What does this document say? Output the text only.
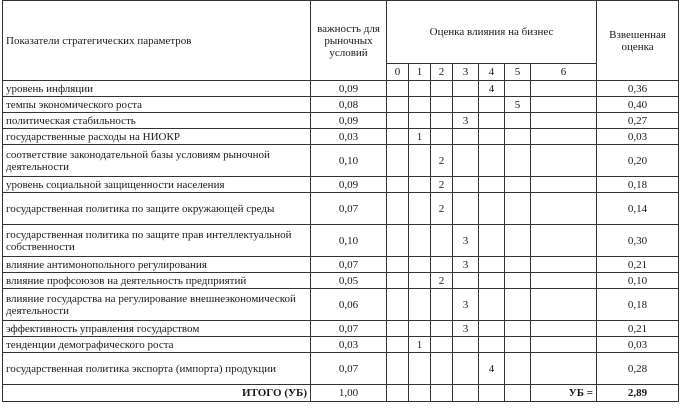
Показатели стратегических параметров	важность для рыночных условий	Оценка влияния на бизнес							Взвешенная оценка
		0	1	2	3	4	5	6	
уровень инфляции	0,09					4			0,36
темпы экономического роста	0,08						5		0,40
политическая стабильность	0,09				3				0,27
государственные расходы на НИОКР	0,03		1						0,03
соответствие законодательной базы условиям рыночной деятельности	0,10			2					0,20
уровень социальной защищенности населения	0,09			2					0,18
государственная политика по защите окружающей среды	0,07			2					0,14
государственная политика по защите прав интеллектуальной собственности	0,10				3				0,30
влияние антимонопольного регулирования	0,07				3				0,21
влияние профсоюзов на деятельность предприятий	0,05			2					0,10
влияние государства на регулирование внешнеэкономической деятельности	0,06				3				0,18
эффективность управления государством	0,07				3				0,21
тенденции демографического роста	0,03		1						0,03
государственная политика экспорта (импорта) продукции	0,07					4			0,28
ИТОГО (УБ)	1,00							УБ =	2,89
